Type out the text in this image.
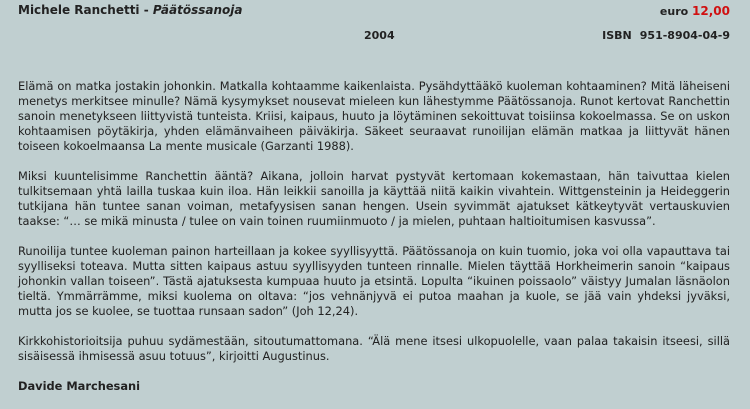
Michele Ranchetti - Päätössanoja	euro 12,00
2004	ISBN 951-8904-04-9

Elämä on matka jostakin johonkin. Matkalla kohtaamme kaikenlaista. Pysähdyttääkö kuoleman kohtaaminen? Mitä läheiseni menetys merkitsee minulle? Nämä kysymykset nousevat mieleen kun lähestymme Päätössanoja. Runot kertovat Ranchettin sanoin menetykseen liittyvistä tunteista. Kriisi, kaipaus, huuto ja löytäminen sekoittuvat toisiinsa kokoelmassa. Se on uskon kohtaamisen pöytäkirja, yhden elämänvaiheen päiväkirja. Säkeet seuraavat runoilijan elämän matkaa ja liittyvät hänen toiseen kokoelmaansa La mente musicale (Garzanti 1988).

Miksi kuuntelisimme Ranchettin ääntä? Aikana, jolloin harvat pystyvät kertomaan kokemastaan, hän taivuttaa kielen tulkitsemaan yhtä lailla tuskaa kuin iloa. Hän leikkii sanoilla ja käyttää niitä kaikin vivahtein. Wittgensteinin ja Heideggerin tutkijana hän tuntee sanan voiman, metafyysisen sanan hengen. Usein syvimmät ajatukset kätkeytyvät vertauskuvien taakse: “… se mikä minusta / tulee on vain toinen ruumiinmuoto / ja mielen, puhtaan haltioitumisen kasvussa”.

Runoilija tuntee kuoleman painon harteillaan ja kokee syyllisyyttä. Päätössanoja on kuin tuomio, joka voi olla vapauttava tai syylliseksi toteava. Mutta sitten kaipaus astuu syyllisyyden tunteen rinnalle. Mielen täyttää Horkheimerin sanoin “kaipaus johonkin vallan toiseen”. Tästä ajatuksesta kumpuaa huuto ja etsintä. Lopulta “ikuinen poissaolo” väistyy Jumalan läsnäolon tieltä. Ymmärrämme, miksi kuolema on oltava: “jos vehnänjyvä ei putoa maahan ja kuole, se jää vain yhdeksi jyväksi, mutta jos se kuolee, se tuottaa runsaan sadon” (Joh 12,24).

Kirkkohistorioitsija puhuu sydämestään, sitoutumattomana. “Älä mene itsesi ulkopuolelle, vaan palaa takaisin itseesi, sillä sisäisessä ihmisessä asuu totuus”, kirjoitti Augustinus.

Davide Marchesani
